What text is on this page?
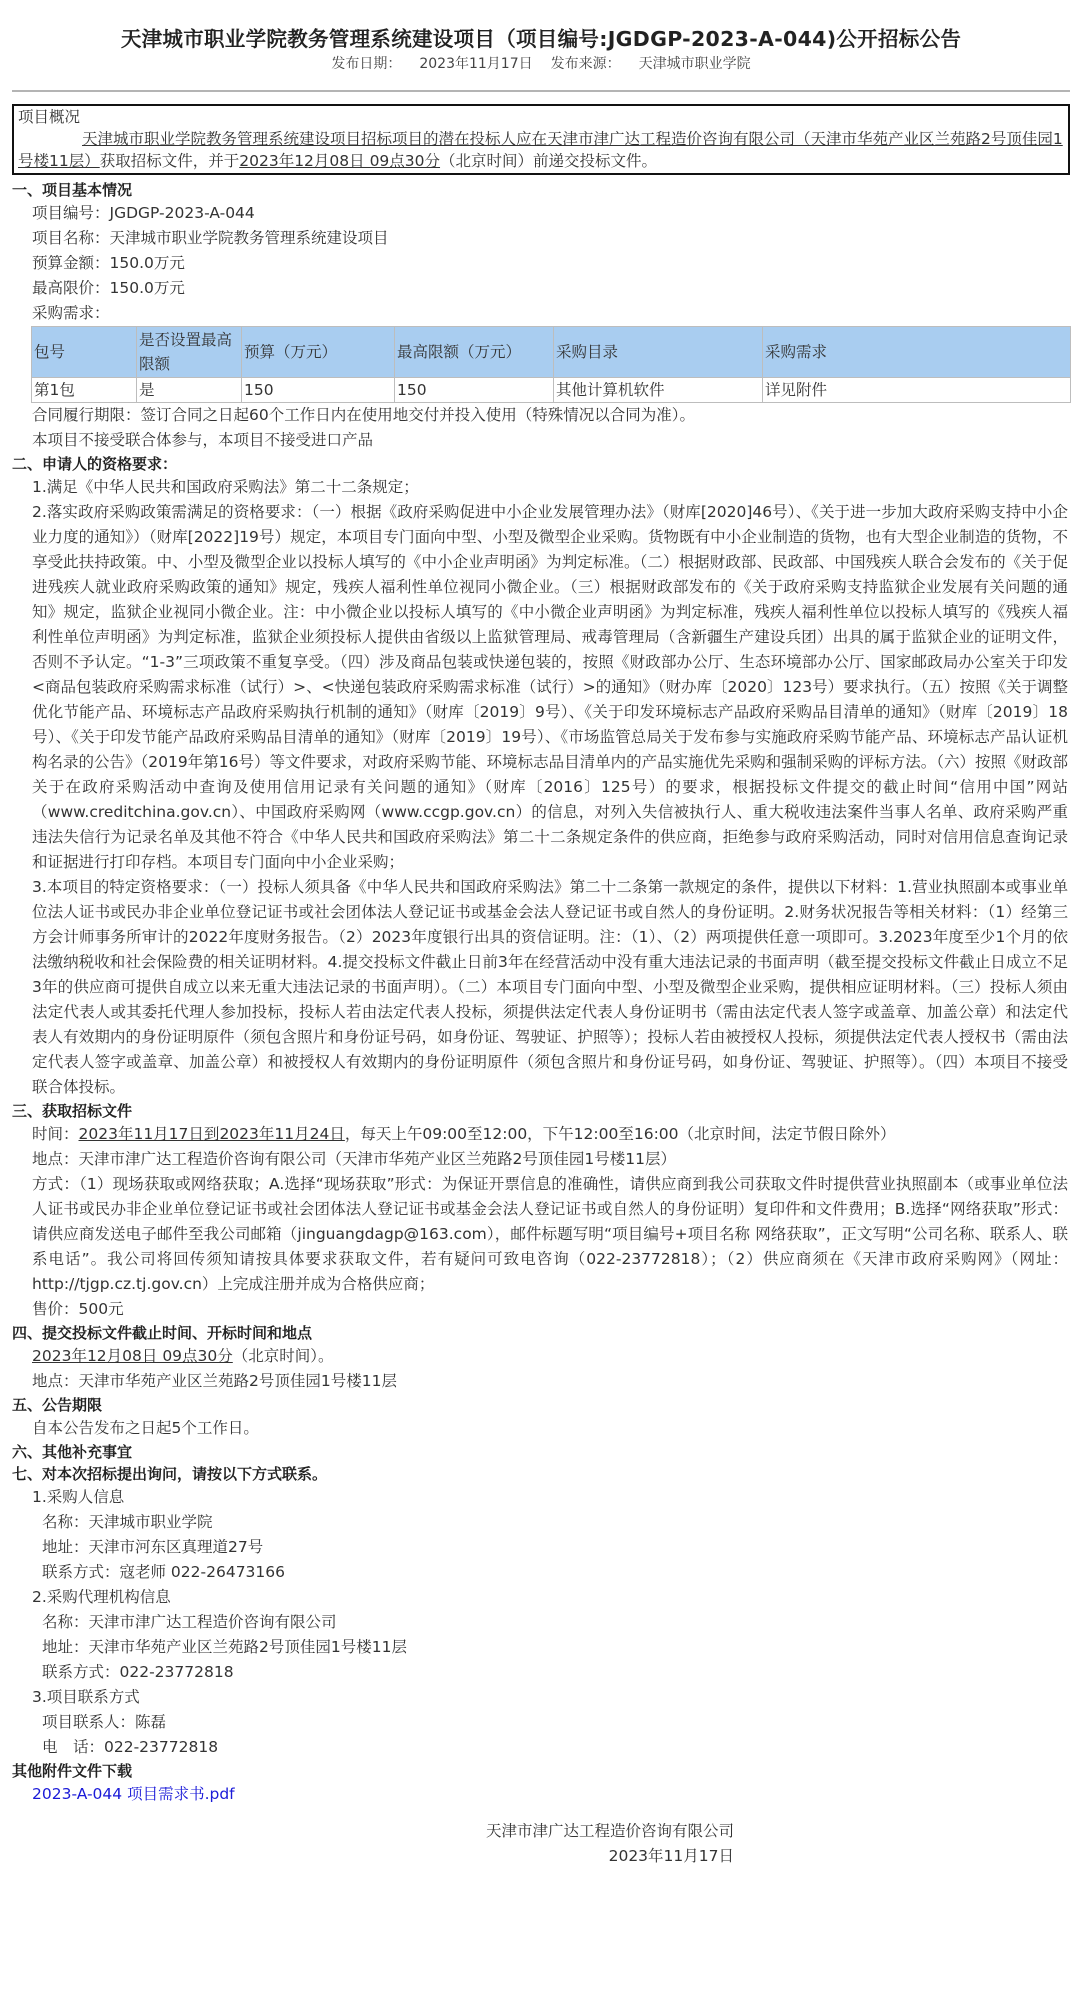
天津城市职业学院教务管理系统建设项目（项目编号:JGDGP-2023-A-044)公开招标公告
发布日期： 2023年11月17日 发布来源： 天津城市职业学院
项目概况
天津城市职业学院教务管理系统建设项目招标项目的潜在投标人应在天津市津广达工程造价咨询有限公司（天津市华苑产业区兰苑路2号顶佳园1号楼11层）获取招标文件，并于2023年12月08日 09点30分（北京时间）前递交投标文件。
一、项目基本情况
项目编号：JGDGP-2023-A-044
项目名称：天津城市职业学院教务管理系统建设项目
预算金额：150.0万元
最高限价：150.0万元
采购需求：
包号	是否设置最高限额	预算（万元）	最高限额（万元）	采购目录	采购需求
第1包	是	150	150	其他计算机软件	详见附件
合同履行期限：签订合同之日起60个工作日内在使用地交付并投入使用（特殊情况以合同为准）。
本项目不接受联合体参与，本项目不接受进口产品
二、申请人的资格要求：
1.满足《中华人民共和国政府采购法》第二十二条规定；
2.落实政府采购政策需满足的资格要求：（一）根据《政府采购促进中小企业发展管理办法》（财库[2020]46号）、《关于进一步加大政府采购支持中小企业力度的通知》）（财库[2022]19号）规定，本项目专门面向中型、小型及微型企业采购。货物既有中小企业制造的货物，也有大型企业制造的货物，不享受此扶持政策。中、小型及微型企业以投标人填写的《中小企业声明函》为判定标准。（二）根据财政部、民政部、中国残疾人联合会发布的《关于促进残疾人就业政府采购政策的通知》规定，残疾人福利性单位视同小微企业。（三）根据财政部发布的《关于政府采购支持监狱企业发展有关问题的通知》规定，监狱企业视同小微企业。注：中小微企业以投标人填写的《中小微企业声明函》为判定标准，残疾人福利性单位以投标人填写的《残疾人福利性单位声明函》为判定标准，监狱企业须投标人提供由省级以上监狱管理局、戒毒管理局（含新疆生产建设兵团）出具的属于监狱企业的证明文件，否则不予认定。“1-3”三项政策不重复享受。（四）涉及商品包装或快递包装的，按照《财政部办公厅、生态环境部办公厅、国家邮政局办公室关于印发<商品包装政府采购需求标准（试行）>、<快递包装政府采购需求标准（试行）>的通知》（财办库〔2020〕123号）要求执行。（五）按照《关于调整优化节能产品、环境标志产品政府采购执行机制的通知》（财库〔2019〕9号）、《关于印发环境标志产品政府采购品目清单的通知》（财库〔2019〕18号）、《关于印发节能产品政府采购品目清单的通知》（财库〔2019〕19号）、《市场监管总局关于发布参与实施政府采购节能产品、环境标志产品认证机构名录的公告》（2019年第16号）等文件要求，对政府采购节能、环境标志品目清单内的产品实施优先采购和强制采购的评标方法。（六）按照《财政部关于在政府采购活动中查询及使用信用记录有关问题的通知》（财库〔2016〕125号）的要求，根据投标文件提交的截止时间“信用中国”网站（www.creditchina.gov.cn）、中国政府采购网（www.ccgp.gov.cn）的信息，对列入失信被执行人、重大税收违法案件当事人名单、政府采购严重违法失信行为记录名单及其他不符合《中华人民共和国政府采购法》第二十二条规定条件的供应商，拒绝参与政府采购活动，同时对信用信息查询记录和证据进行打印存档。本项目专门面向中小企业采购；
3.本项目的特定资格要求：（一）投标人须具备《中华人民共和国政府采购法》第二十二条第一款规定的条件，提供以下材料：1.营业执照副本或事业单位法人证书或民办非企业单位登记证书或社会团体法人登记证书或基金会法人登记证书或自然人的身份证明。2.财务状况报告等相关材料：（1）经第三方会计师事务所审计的2022年度财务报告。（2）2023年度银行出具的资信证明。注：（1）、（2）两项提供任意一项即可。3.2023年度至少1个月的依法缴纳税收和社会保险费的相关证明材料。4.提交投标文件截止日前3年在经营活动中没有重大违法记录的书面声明（截至提交投标文件截止日成立不足3年的供应商可提供自成立以来无重大违法记录的书面声明）。（二）本项目专门面向中型、小型及微型企业采购，提供相应证明材料。（三）投标人须由法定代表人或其委托代理人参加投标，投标人若由法定代表人投标，须提供法定代表人身份证明书（需由法定代表人签字或盖章、加盖公章）和法定代表人有效期内的身份证明原件（须包含照片和身份证号码，如身份证、驾驶证、护照等）；投标人若由被授权人投标，须提供法定代表人授权书（需由法定代表人签字或盖章、加盖公章）和被授权人有效期内的身份证明原件（须包含照片和身份证号码，如身份证、驾驶证、护照等）。（四）本项目不接受联合体投标。
三、获取招标文件
时间：2023年11月17日到2023年11月24日，每天上午09:00至12:00，下午12:00至16:00（北京时间，法定节假日除外）
地点：天津市津广达工程造价咨询有限公司（天津市华苑产业区兰苑路2号顶佳园1号楼11层）
方式：（1）现场获取或网络获取；A.选择“现场获取”形式：为保证开票信息的准确性，请供应商到我公司获取文件时提供营业执照副本（或事业单位法人证书或民办非企业单位登记证书或社会团体法人登记证书或基金会法人登记证书或自然人的身份证明）复印件和文件费用；B.选择“网络获取”形式：请供应商发送电子邮件至我公司邮箱（jinguangdagp@163.com），邮件标题写明“项目编号+项目名称 网络获取”，正文写明“公司名称、联系人、联系电话”。我公司将回传须知请按具体要求获取文件，若有疑问可致电咨询（022-23772818）；（2）供应商须在《天津市政府采购网》（网址：http://tjgp.cz.tj.gov.cn）上完成注册并成为合格供应商；
售价：500元
四、提交投标文件截止时间、开标时间和地点
2023年12月08日 09点30分（北京时间）。
地点：天津市华苑产业区兰苑路2号顶佳园1号楼11层
五、公告期限
自本公告发布之日起5个工作日。
六、其他补充事宜
七、对本次招标提出询问，请按以下方式联系。
1.采购人信息
名称：天津城市职业学院
地址：天津市河东区真理道27号
联系方式：寇老师 022-26473166
2.采购代理机构信息
名称：天津市津广达工程造价咨询有限公司
地址：天津市华苑产业区兰苑路2号顶佳园1号楼11层
联系方式：022-23772818
3.项目联系方式
项目联系人：陈磊
电　话：022-23772818
其他附件文件下载
2023-A-044 项目需求书.pdf
天津市津广达工程造价咨询有限公司
2023年11月17日
